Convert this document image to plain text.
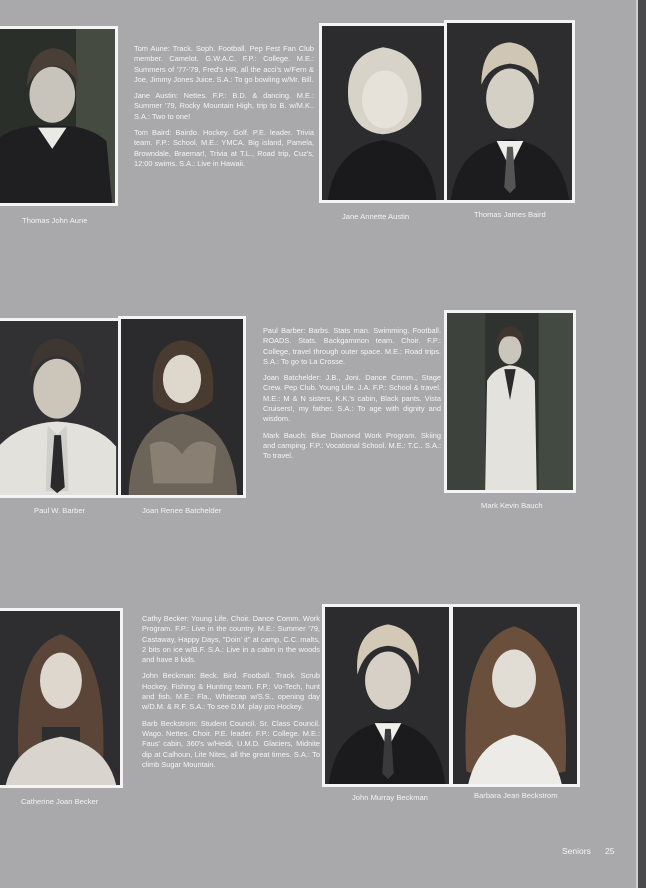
Thomas John Aune

Tom Aune: Track. Soph. Football. Pep Fest Fan Club member. Camelot. G.W.A.C. F.P.: College. M.E.: Summers of '77-'79, Fred's HR, all the acci's w/Fern & Joe, Jimmy Jones Juice. S.A.: To go bowling w/Mr. Bill.

Jane Austin: Nettes. F.P.: B.D. & dancing. M.E.: Summer '79, Rocky Mountain High, trip to B. w/M.K.. S.A.: Two to one!

Tom Baird: Bairdo. Hockey. Golf. P.E. leader. Trivia team. F.P.: School. M.E.: YMCA. Big island, Pamela, Browndale, Braemar!, Trivia at T.L., Road trip, Cuz's, 12:00 swims. S.A.: Live in Hawaii.

Jane Annette Austin	Thomas James Baird
Paul W. Barber	Joan Renee Batchelder

Paul Barber: Barbs. Stats man. Swimming. Football. ROADS. Stats. Backgammon team. Choir. F.P.: College, travel through outer space. M.E.: Road trips. S.A.: To go to La Crosse.

Joan Batchelder: J.B., Joni. Dance Comm., Stage Crew. Pep Club. Young Life. J.A. F.P.: School & travel. M.E.: M & N sisters, K.K.'s cabin, Black pants. Vista Cruisers!, my father. S.A.: To age with dignity and wisdom.

Mark Bauch: Blue Diamond Work Program. Skiing and camping. F.P.: Vocational School. M.E.: T.C.. S.A.: To travel.

Mark Kevin Bauch
Catherine Joan Becker

Cathy Becker: Young Life. Choir. Dance Comm. Work Program. F.P.: Live in the country. M.E.: Summer '79, Castaway, Happy Days, "Doin' it" at camp, C.C. malts, 2 bits on ice w/B.F. S.A.: Live in a cabin in the woods and have 8 kids.

John Beckman: Beck. Bird. Football. Track. Scrub Hockey. Fishing & Hunting team. F.P.: Vo-Tech, hunt and fish. M.E.: Fla., Whitecap w/S.S., opening day w/D.M. & R.F. S.A.: To see D.M. play pro Hockey.

Barb Beckstrom: Student Council. Sr. Class Council. Wago. Nettes. Choir. P.E. leader. F.P.: College. M.E.: Faus' cabin, 360's w/Heidi, U.M.D. Glaciers, Midnite dip at Calhoun, Lite Nites, all the great times. S.A.: To climb Sugar Mountain.

John Murray Beckman	Barbara Jean Beckstrom
Seniors 25
